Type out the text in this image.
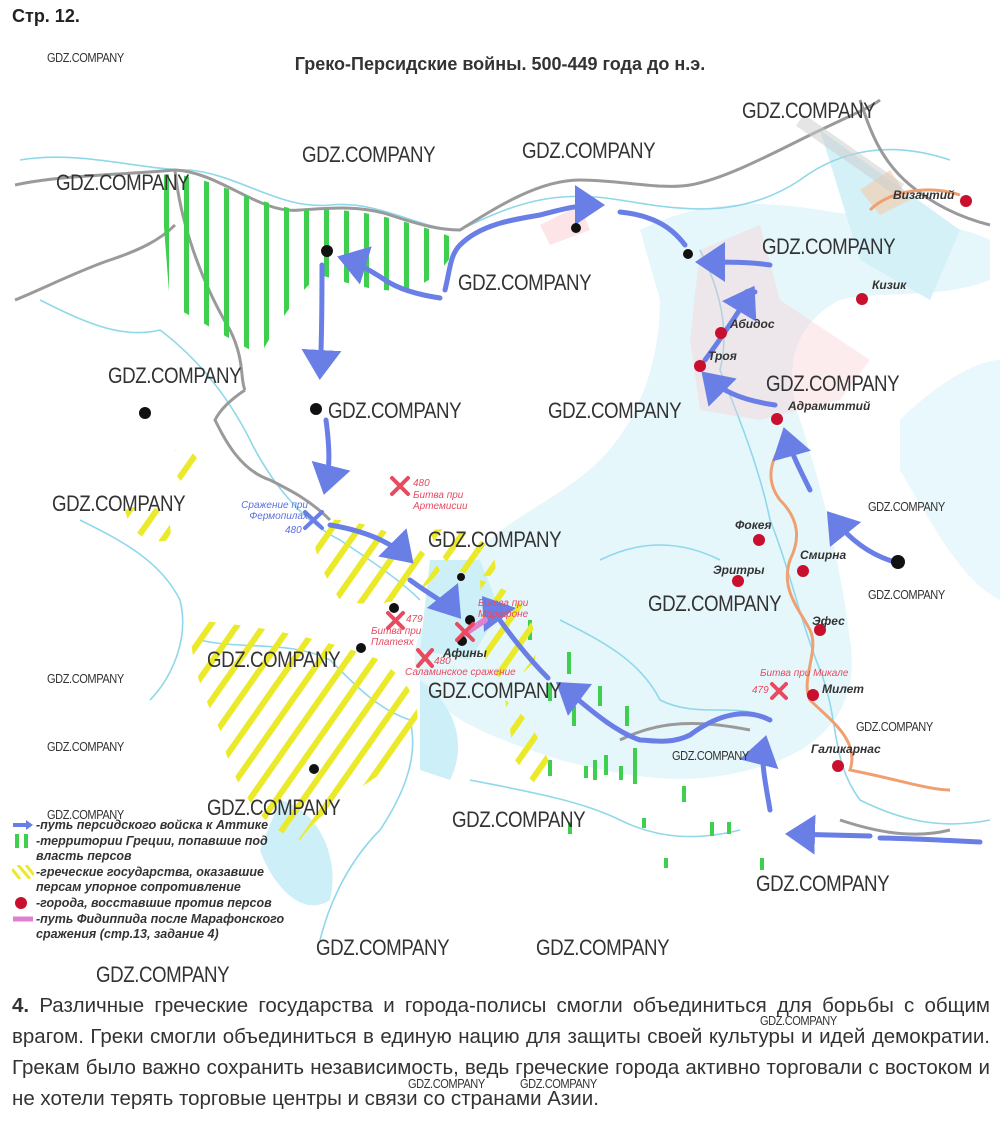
Стр. 12.
Греко-Персидские войны. 500-449 года до н.э.
Византий
Кизик
Абидос
Троя
Адрамиттий
Фокея
Смирна
Эритры
Эфес
Милет
Галикарнас
Афины
480
Битва при Артемисии
Сражение при Фермопилах
480
479
Битва при Платеях
Битва при Марафоне
480
Саламинское сражение	Битва при Микале
479
GDZ.COMPANY
GDZ.COMPANY
GDZ.COMPANY	GDZ.COMPANY
GDZ.COMPANY
GDZ.COMPANY
GDZ.COMPANY
GDZ.COMPANY	GDZ.COMPANY
GDZ.COMPANY	GDZ.COMPANY
GDZ.COMPANY	GDZ.COMPANY
GDZ.COMPANY
GDZ.COMPANY
GDZ.COMPANY
GDZ.COMPANY
GDZ.COMPANY	GDZ.COMPANY
GDZ.COMPANY
GDZ.COMPANY
GDZ.COMPANY
GDZ.COMPANY
GDZ.COMPANY	GDZ.COMPANY
GDZ.COMPANY
GDZ.COMPANY	GDZ.COMPANY
GDZ.COMPANY
GDZ.COMPANY
GDZ.COMPANY	GDZ.COMPANY
-путь персидского войска к Аттике
-территории Греции, попавшие под власть персов
-греческие государства, оказавшие персам упорное сопротивление
-города, восставшие против персов
-путь Фидиппида после Марафонского сражения (стр.13, задание 4)
4. Различные греческие государства и города-полисы смогли объединиться для борьбы с общим врагом. Греки смогли объединиться в единую нацию для защиты своей культуры и идей демократии. Грекам было важно сохранить независимость, ведь греческие города активно торговали с востоком и не хотели терять торговые центры и связи со странами Азии.
